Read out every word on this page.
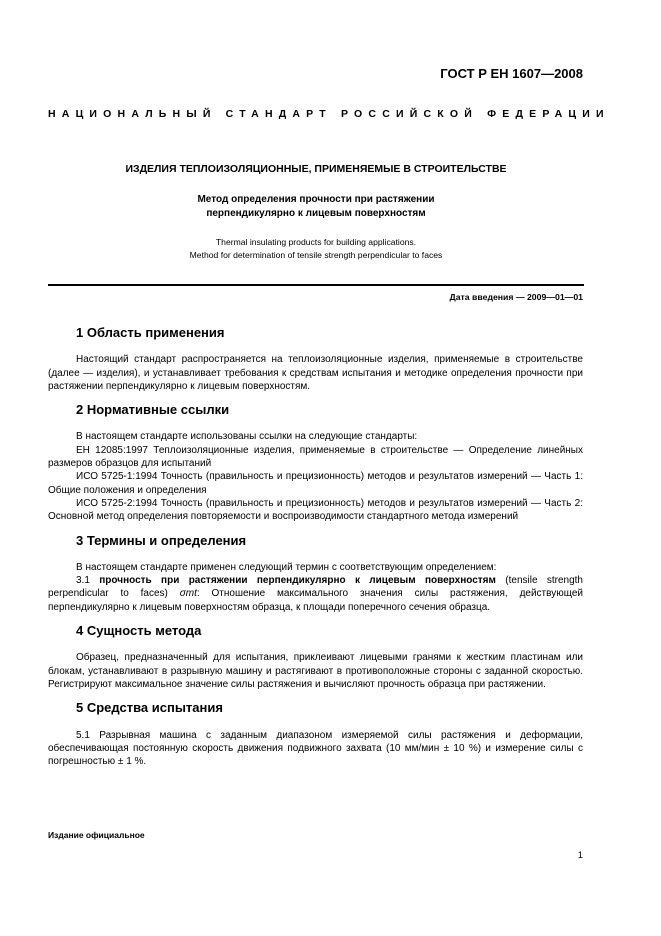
ГОСТ Р ЕН 1607—2008
НАЦИОНАЛЬНЫЙ СТАНДАРТ РОССИЙСКОЙ ФЕДЕРАЦИИ
ИЗДЕЛИЯ ТЕПЛОИЗОЛЯЦИОННЫЕ, ПРИМЕНЯЕМЫЕ В СТРОИТЕЛЬСТВЕ
Метод определения прочности при растяжении
перпендикулярно к лицевым поверхностям
Thermal insulating products for building applications.
Method for determination of tensile strength perpendicular to faces
Дата введения — 2009—01—01
1 Область применения

Настоящий стандарт распространяется на теплоизоляционные изделия, применяемые в строительстве (далее — изделия), и устанавливает требования к средствам испытания и методике определения прочности при растяжении перпендикулярно к лицевым поверхностям.

2 Нормативные ссылки

В настоящем стандарте использованы ссылки на следующие стандарты:

ЕН 12085:1997 Теплоизоляционные изделия, применяемые в строительстве — Определение линейных размеров образцов для испытаний

ИСО 5725-1:1994 Точность (правильность и прецизионность) методов и результатов измерений — Часть 1: Общие положения и определения

ИСО 5725-2:1994 Точность (правильность и прецизионность) методов и результатов измерений — Часть 2: Основной метод определения повторяемости и воспроизводимости стандартного метода измерений

3 Термины и определения

В настоящем стандарте применен следующий термин с соответствующим определением:

3.1 прочность при растяжении перпендикулярно к лицевым поверхностям (tensile strength perpendicular to faces) σmt: Отношение максимального значения силы растяжения, действующей перпендикулярно к лицевым поверхностям образца, к площади поперечного сечения образца.

4 Сущность метода

Образец, предназначенный для испытания, приклеивают лицевыми гранями к жестким пластинам или блокам, устанавливают в разрывную машину и растягивают в противоположные стороны с заданной скоростью. Регистрируют максимальное значение силы растяжения и вычисляют прочность образца при растяжении.

5 Средства испытания

5.1 Разрывная машина с заданным диапазоном измеряемой силы растяжения и деформации, обеспечивающая постоянную скорость движения подвижного захвата (10 мм/мин ± 10 %) и измерение силы с погрешностью ± 1 %.

Издание официальное
1
